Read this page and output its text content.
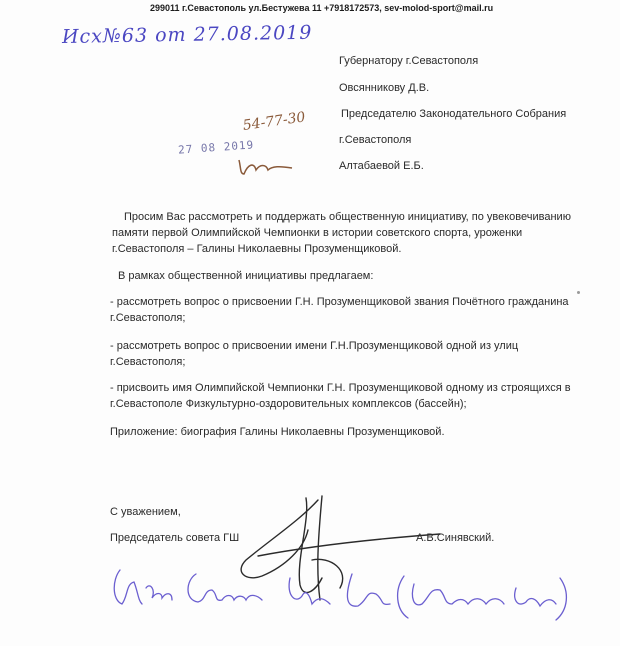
299011 г.Севастополь ул.Бестужева 11 +7918172573, sev-molod-sport@mail.ru
Исх№63 от 27.08.2019
Губернатору г.Севастополя
Овсянникову Д.В.
Председателю Законодательного Собрания
г.Севастополя
Алтабаевой Е.Б.
54-77-30
27 08 2019

Просим Вас рассмотреть и поддержать общественную инициативу, по увековечиванию памяти первой Олимпийской Чемпионки в истории советского спорта, уроженки г.Севастополя – Галины Николаевны Прозуменщиковой.

В рамках общественной инициативы предлагаем:

- рассмотреть вопрос о присвоении Г.Н. Прозуменщиковой звания Почётного гражданина г.Севастополя;

- рассмотреть вопрос о присвоении имени Г.Н.Прозуменщиковой одной из улиц г.Севастополя;

- присвоить имя Олимпийской Чемпионки Г.Н. Прозуменщиковой одному из строящихся в г.Севастополе Физкультурно-оздоровительных комплексов (бассейн);

Приложение: биография Галины Николаевны Прозуменщиковой.

С уважением,
Председатель совета ГШ	А.В.Синявский.
